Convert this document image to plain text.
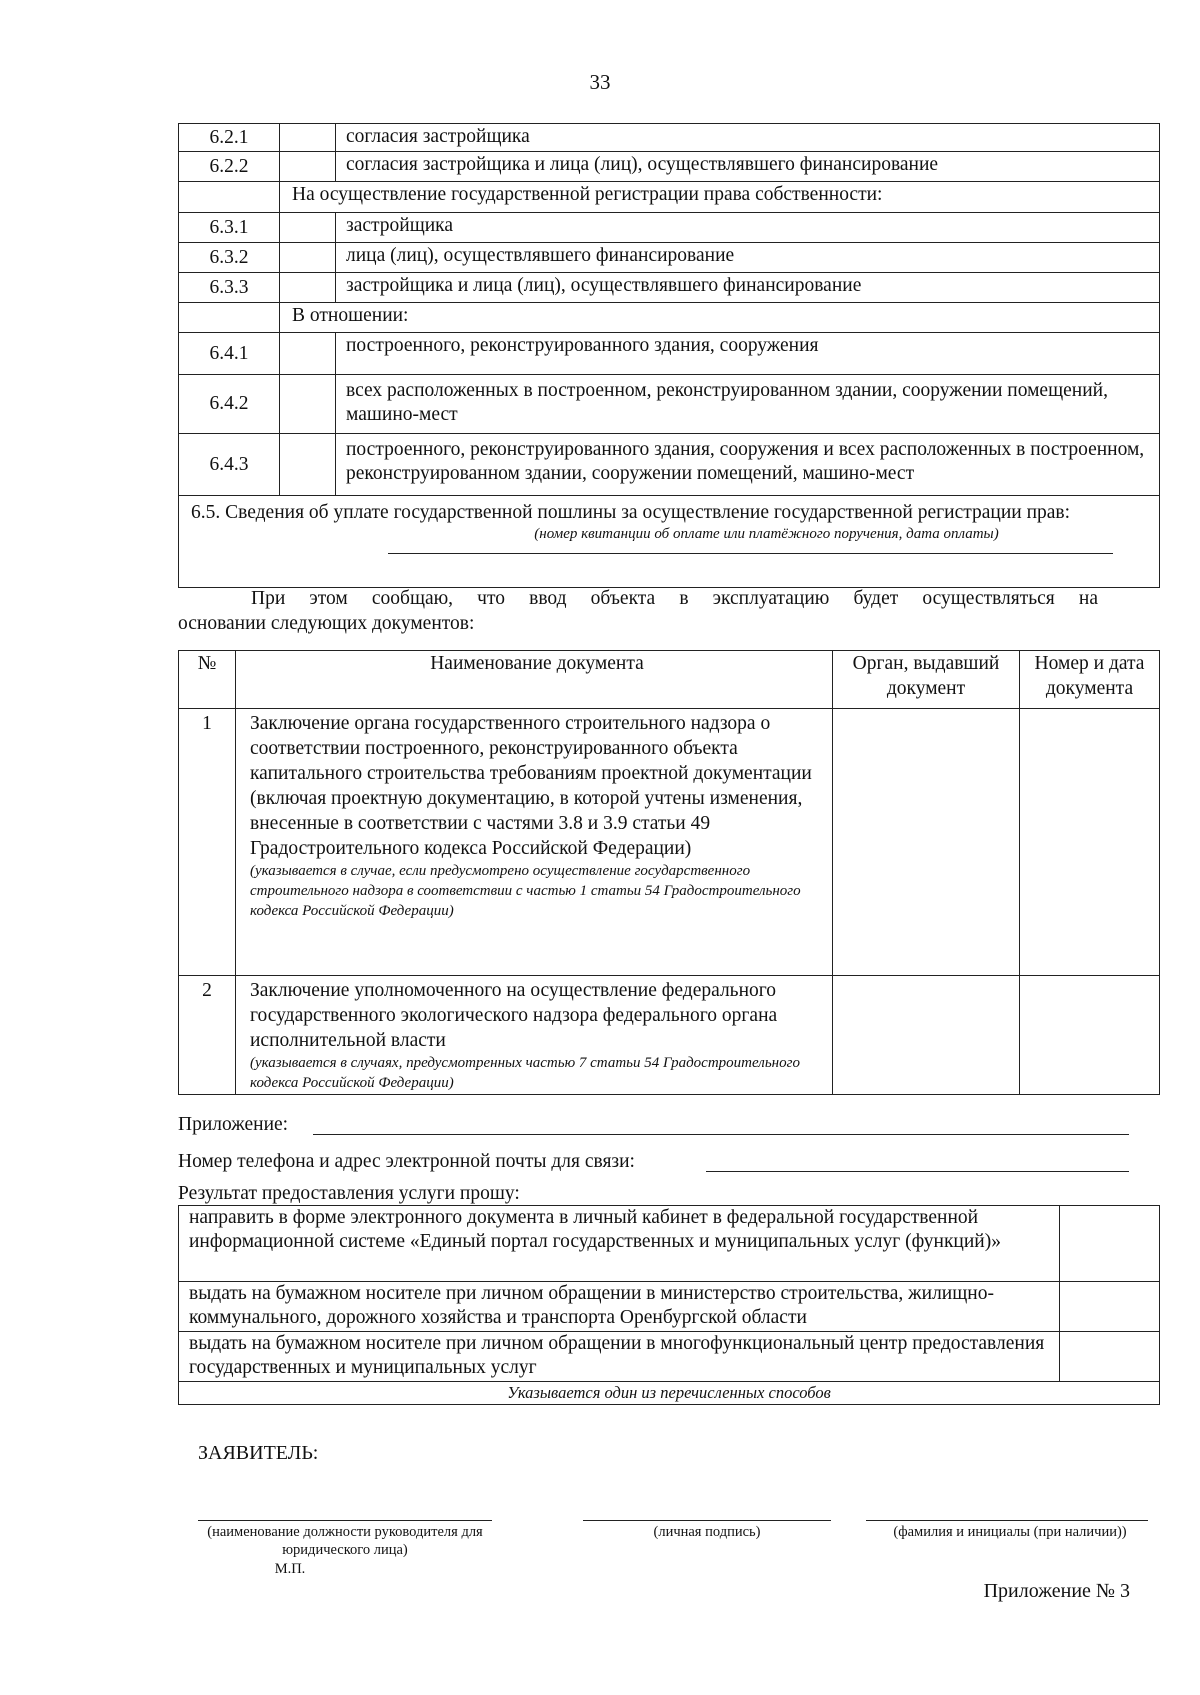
33
6.2.1		согласия застройщика
6.2.2		согласия застройщика и лица (лиц), осуществлявшего финансирование
	На осуществление государственной регистрации права собственности:	
6.3.1		застройщика
6.3.2		лица (лиц), осуществлявшего финансирование
6.3.3		застройщика и лица (лиц), осуществлявшего финансирование
	В отношении:	
6.4.1		построенного, реконструированного здания, сооружения
6.4.2		всех расположенных в построенном, реконструированном здании, сооружении помещений, машино-мест
6.4.3		построенного, реконструированного здания, сооружения и всех расположенных в построенном, реконструированном здании, сооружении помещений, машино-мест

6.5. Сведения об уплате государственной пошлины за осуществление государственной регистрации прав:
(номер квитанции об оплате или платёжного поручения, дата оплаты)		
При этом сообщаю, что ввод объекта в эксплуатацию будет осуществляться на
основании следующих документов:
№	Наименование документа	Орган, выдавший документ	Номер и дата документа
1	Заключение органа государственного строительного надзора о соответствии построенного, реконструированного объекта капитального строительства требованиям проектной документации (включая проектную документацию, в которой учтены изменения, внесенные в соответствии с частями 3.8 и 3.9 статьи 49 Градостроительного кодекса Российской Федерации)
(указывается в случае, если предусмотрено осуществление государственного строительного надзора в соответствии с частью 1 статьи 54 Градостроительного кодекса Российской Федерации)		

2	Заключение уполномоченного на осуществление федерального государственного экологического надзора федерального органа исполнительной власти
(указывается в случаях, предусмотренных частью 7 статьи 54 Градостроительного кодекса Российской Федерации)		

Приложение:
Номер телефона и адрес электронной почты для связи:
Результат предоставления услуги прошу:
направить в форме электронного документа в личный кабинет в федеральной государственной информационной системе «Единый портал государственных и муниципальных услуг (функций)»	
выдать на бумажном носителе при личном обращении в министерство строительства, жилищно-коммунального, дорожного хозяйства и транспорта Оренбургской области	
выдать на бумажном носителе при личном обращении в многофункциональный центр предоставления государственных и муниципальных услуг	
Указывается один из перечисленных способов	
ЗАЯВИТЕЛЬ:
(наименование должности руководителя для юридического лица)
М.П.
(личная подпись)	(фамилия и инициалы (при наличии))
Приложение № 3
